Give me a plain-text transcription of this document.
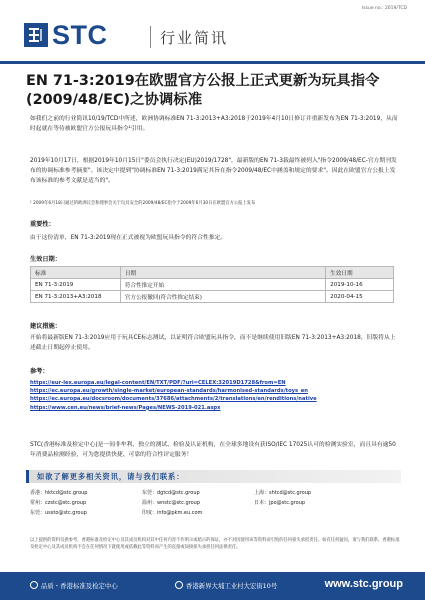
Issue no.: 2019/TCD
STC	行业简讯
EN 71-3:2019在欧盟官方公报上正式更新为玩具指令(2009/48/EC)之协调标准

如我们之前的行业简讯10/19/TCD中所述，欧洲协调标准EN 71-3:2013+A3:2018于2019年4月10日修订并重新发布为EN 71-3:2019，从而时起就在等待被欧盟官方公报玩具指令¹引用。

2019年10月17日，根据2019年10月15日"委员会执行决定(EU)2019/1728"，最新版的EN 71-3载最终被列入"指令2009/48/EC-官方期刊发布的协调标准参考摘要"。该决定中提到"协调标准EN 71-3:2019满足其旨在指令2009/48/EC中涵盖和规定的要求"。因此在欧盟官方公报上发布该标准的参考文献是适当的"。

¹ 2009年6月18日通过的欧洲议会和理事会关于玩具安全的2009/48/EC指令于2009年6月30日在欧盟官方公报上发布

重要性：
由于这份清单，EN 71-3:2019现在正式被视为欧盟玩具指令的符合性推定。
生效日期：
标准	日期	生效日期
EN 71-3:2019	符合性推定开始	2019-10-16
EN 71-3:2013+A3:2018	官方公报撤回(符合性推定结束)	2020-04-15
建议措施：
开始将最新版EN 71-3:2019应用于玩具CE标志测试，以证明符合欧盟玩具指令，而不是继续使用旧版EN 71-3:2013+A3:2018，旧版将从上述截止日期起停止使用。
参考：
https://eur-lex.europa.eu/legal-content/EN/TXT/PDF/?uri=CELEX:32019D1728&from=EN
https://ec.europa.eu/growth/single-market/european-standards/harmonised-standards/toys_en
https://ec.europa.eu/docsroom/documents/37686/attachments/2/translations/en/renditions/native
https://www.cen.eu/news/brief-news/Pages/NEWS-2019-021.aspx

STC(香港标准及检定中心)是一间非牟利、独立的测试、检验及认证机构，在全球多地设有获ISO/IEC 17025认可的检测实验室，而且具有逾50年消费品检测经验，可为您提供快捷、可靠的符合性评定服务！

如欲了解更多相关资讯，请与我们联系：
香港：hktcd@stc.group
常州：czstc@stc.group
东莞：ussto@stc.group
东莞：dgtcd@stc.group
温州：wnstc@stc.group
印度：info@pkm.eu.com
上海：shtcd@stc.group
日本：jpo@stc.group

以上提供的资料仅供参考，香港标准及检定中心及其成员机构对其中任何内容不作明示或暗示的保证，亦不对因使用该等资料而引致的任何损失承担责任。如有任何疑问，请与我们联系。香港标准及检定中心及其成员机构不会在任何情况下就使用或依赖此等资料而产生的直接或间接损失承担任何法律责任。

品质・香港标准及检定中心	香港新界大埔工业村大宏街10号	www.stc.group
